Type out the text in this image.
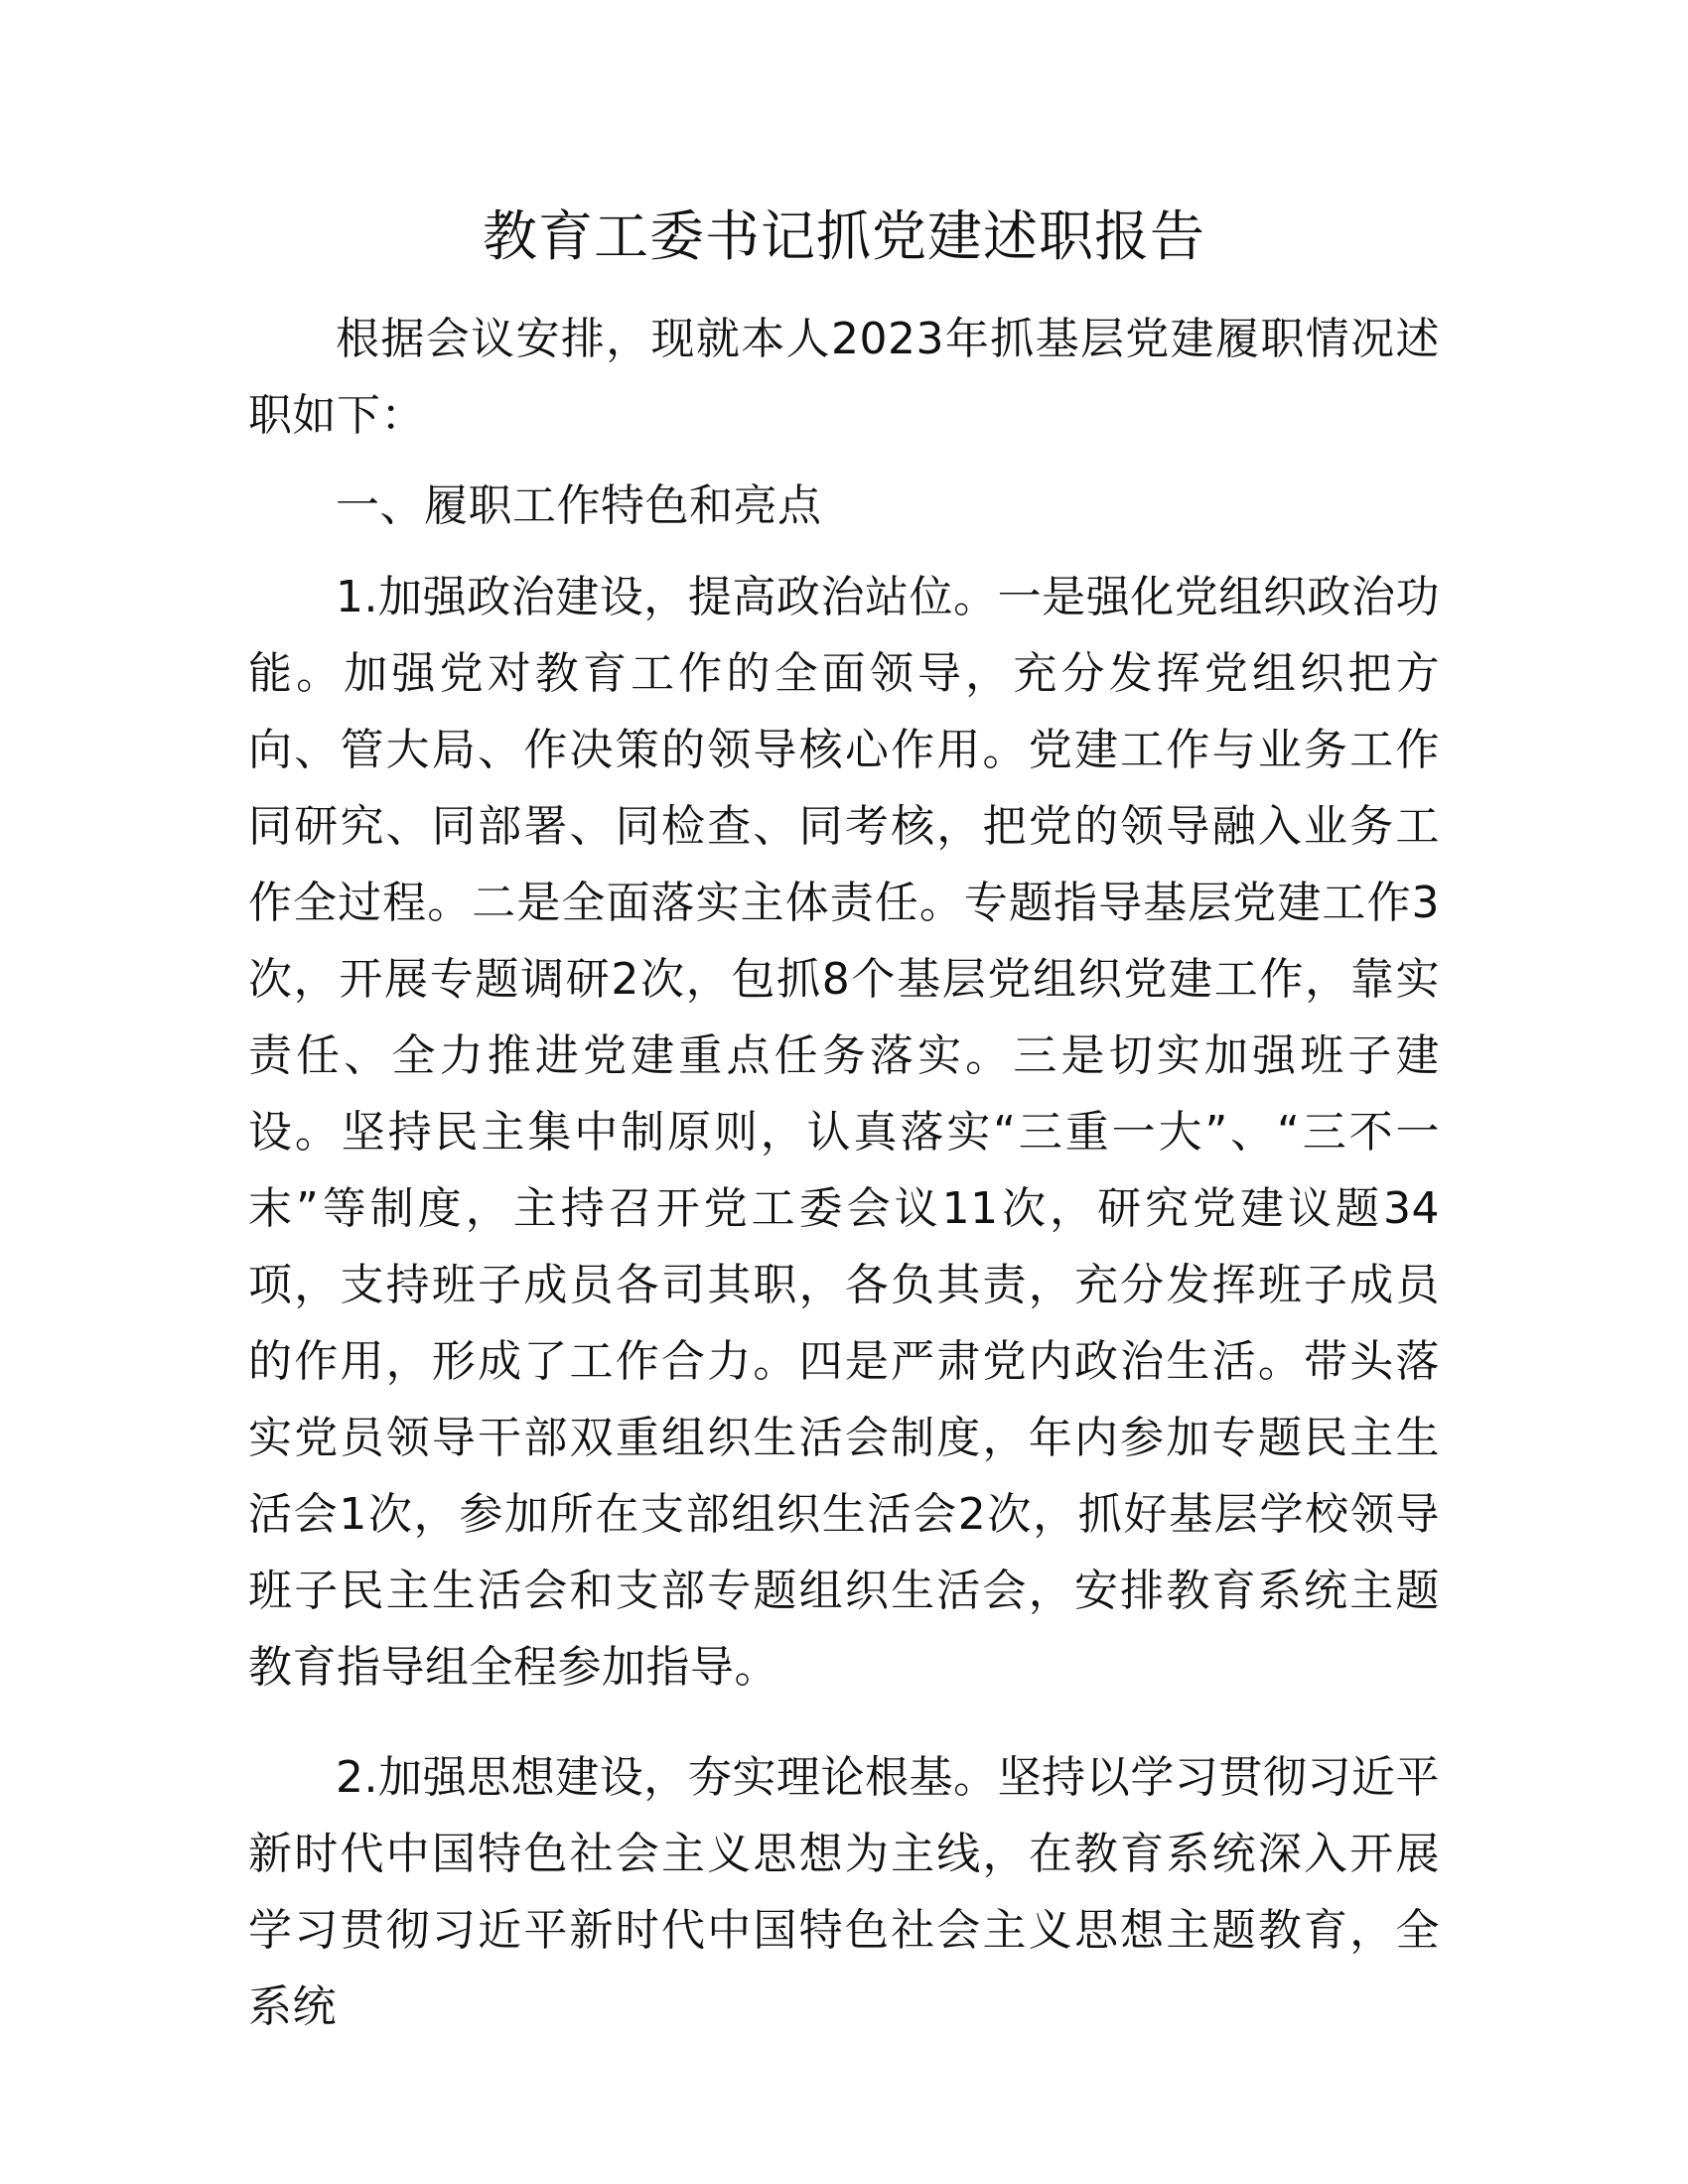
教育工委书记抓党建述职报告

根据会议安排，现就本人2023年抓基层党建履职情况述职如下：

一、履职工作特色和亮点

1.加强政治建设，提高政治站位。一是强化党组织政治功能。加强党对教育工作的全面领导，充分发挥党组织把方向、管大局、作决策的领导核心作用。党建工作与业务工作同研究、同部署、同检查、同考核，把党的领导融入业务工作全过程。二是全面落实主体责任。专题指导基层党建工作3次，开展专题调研2次，包抓8个基层党组织党建工作，靠实责任、全力推进党建重点任务落实。三是切实加强班子建设。坚持民主集中制原则，认真落实“三重一大”、“三不一末”等制度，主持召开党工委会议11次，研究党建议题34项，支持班子成员各司其职，各负其责，充分发挥班子成员的作用，形成了工作合力。四是严肃党内政治生活。带头落实党员领导干部双重组织生活会制度，年内参加专题民主生活会1次，参加所在支部组织生活会2次，抓好基层学校领导班子民主生活会和支部专题组织生活会，安排教育系统主题教育指导组全程参加指导。

2.加强思想建设，夯实理论根基。坚持以学习贯彻习近平新时代中国特色社会主义思想为主线，在教育系统深入开展学习贯彻习近平新时代中国特色社会主义思想主题教育，全系统
